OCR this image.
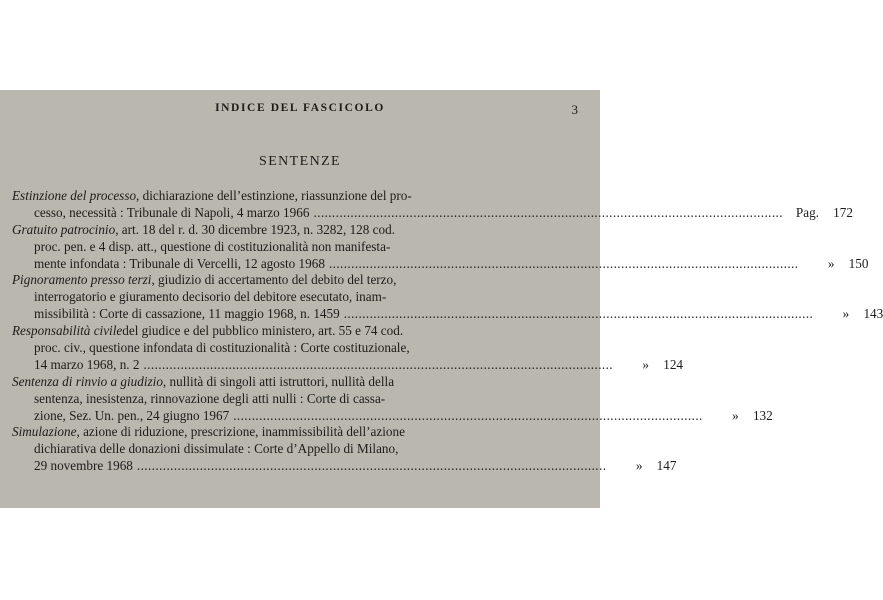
INDICE DEL FASCICOLO	3
SENTENZE
Estinzione del processo , dichiarazione dell’estinzione, riassunzione del pro-
cesso, necessità : Tribunale di Napoli, 4 marzo 1966 ............................................................................................................................... Pag.	172
Gratuito patrocinio , art. 18 del r. d. 30 dicembre 1923, n. 3282, 128 cod.
proc. pen. e 4 disp. att., questione di costituzionalità non manifesta-
mente infondata : Tribunale di Vercelli, 12 agosto 1968 ...............................................................................................................................	»	150
Pignoramento presso terzi , giudizio di accertamento del debito del terzo,
interrogatorio e giuramento decisorio del debitore esecutato, inam-
missibilità : Corte di cassazione, 11 maggio 1968, n. 1459 ...............................................................................................................................	»	143
Responsabilità civile del giudice e del pubblico ministero, art. 55 e 74 cod.
proc. civ., questione infondata di costituzionalità : Corte costituzionale,
14 marzo 1968, n. 2 ...............................................................................................................................	»	124
Sentenza di rinvio a giudizio , nullità di singoli atti istruttori, nullità della
sentenza, inesistenza, rinnovazione degli atti nulli : Corte di cassa-
zione, Sez. Un. pen., 24 giugno 1967 ...............................................................................................................................	»	132
Simulazione , azione di riduzione, prescrizione, inammissibilità dell’azione
dichiarativa delle donazioni dissimulate : Corte d’Appello di Milano,
29 novembre 1968 ...............................................................................................................................	»	147
